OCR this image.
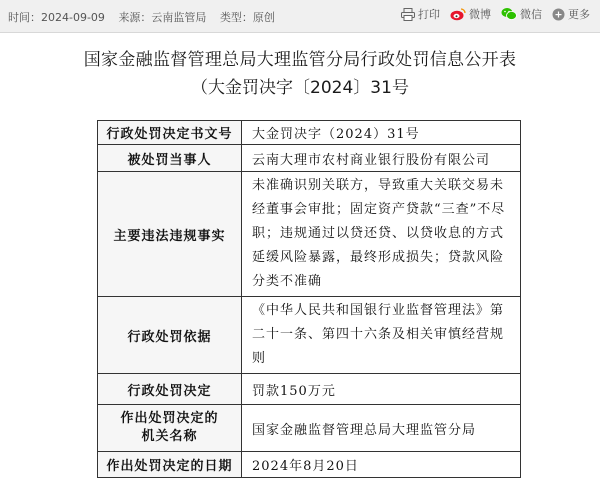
时间：2024-09-09 来源：云南监管局 类型：原创	打印	微博	微信 更多
国家金融监督管理总局大理监管分局行政处罚信息公开表
（大金罚决字〔2024〕31号
行政处罚决定书文号	大金罚决字（2024）31号
被处罚当事人	云南大理市农村商业银行股份有限公司
主要违法违规事实	未准确识别关联方，导致重大关联交易未经董事会审批；固定资产贷款“三查”不尽职；违规通过以贷还贷、以贷收息的方式延缓风险暴露，最终形成损失；贷款风险分类不准确
行政处罚依据	《中华人民共和国银行业监督管理法》第二十一条、第四十六条及相关审慎经营规则
行政处罚决定	罚款150万元

作出处罚决定的
机关名称	国家金融监督管理总局大理监管分局
作出处罚决定的日期	2024年8月20日
